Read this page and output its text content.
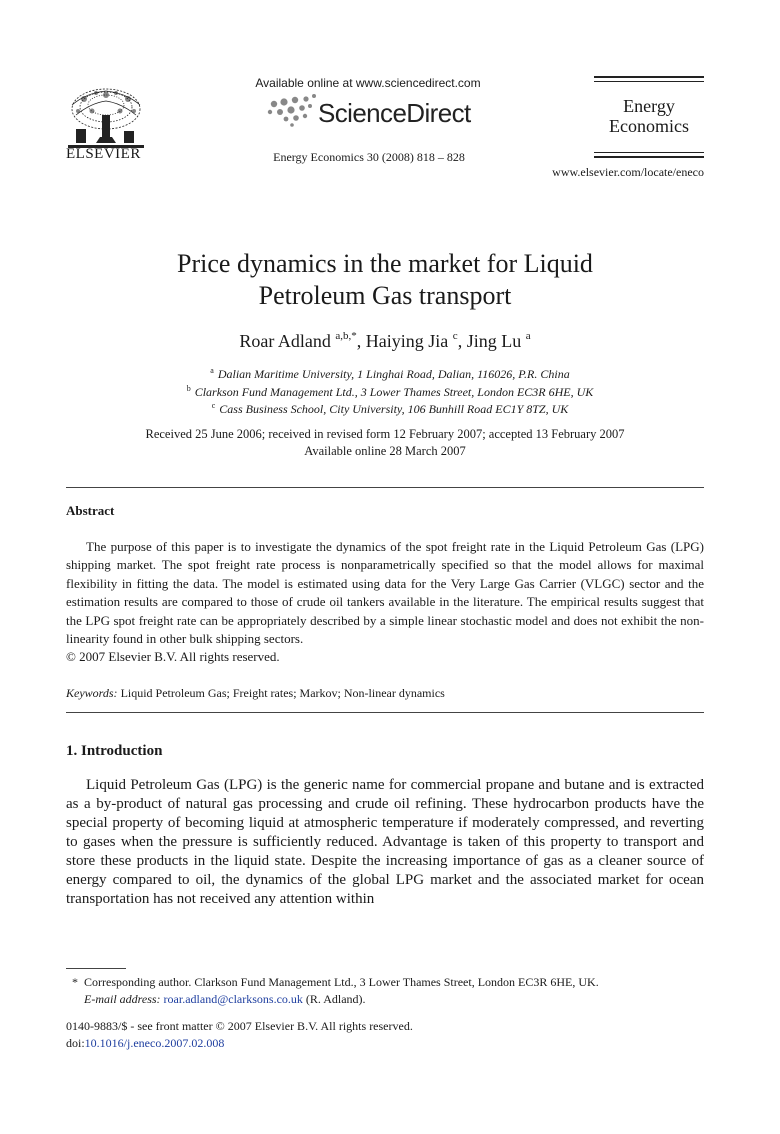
ELSEVIER
Available online at www.sciencedirect.com
ScienceDirect
Energy Economics 30 (2008) 818 – 828
Energy
Economics
www.elsevier.com/locate/eneco
Price dynamics in the market for Liquid
Petroleum Gas transport
Roar Adland $^{a,b,*}$, Haiying Jia $^c$, Jing Lu $^a$
$^a$ Dalian Maritime University, 1 Linghai Road, Dalian, 116026, P.R. China
$^b$ Clarkson Fund Management Ltd., 3 Lower Thames Street, London EC3R 6HE, UK
$^c$ Cass Business School, City University, 106 Bunhill Road EC1Y 8TZ, UK
Received 25 June 2006; received in revised form 12 February 2007; accepted 13 February 2007
Available online 28 March 2007
Abstract

The purpose of this paper is to investigate the dynamics of the spot freight rate in the Liquid Petroleum Gas (LPG) shipping market. The spot freight rate process is nonparametrically specified so that the model allows for maximal flexibility in fitting the data. The model is estimated using data for the Very Large Gas Carrier (VLGC) sector and the estimation results are compared to those of crude oil tankers available in the literature. The empirical results suggest that the LPG spot freight rate can be appropriately described by a simple linear stochastic model and does not exhibit the non-linearity found in other bulk shipping sectors.
© 2007 Elsevier B.V. All rights reserved.

Keywords: Liquid Petroleum Gas; Freight rates; Markov; Non-linear dynamics
1. Introduction

Liquid Petroleum Gas (LPG) is the generic name for commercial propane and butane and is extracted as a by-product of natural gas processing and crude oil refining. These hydrocarbon products have the special property of becoming liquid at atmospheric temperature if moderately compressed, and reverting to gases when the pressure is sufficiently reduced. Advantage is taken of this property to transport and store these products in the liquid state. Despite the increasing importance of gas as a cleaner source of energy compared to oil, the dynamics of the global LPG market and the associated market for ocean transportation has not received any attention within

* Corresponding author. Clarkson Fund Management Ltd., 3 Lower Thames Street, London EC3R 6HE, UK.
E-mail address: roar.adland@clarksons.co.uk (R. Adland).
0140-9883/$ - see front matter © 2007 Elsevier B.V. All rights reserved.
doi:10.1016/j.eneco.2007.02.008
